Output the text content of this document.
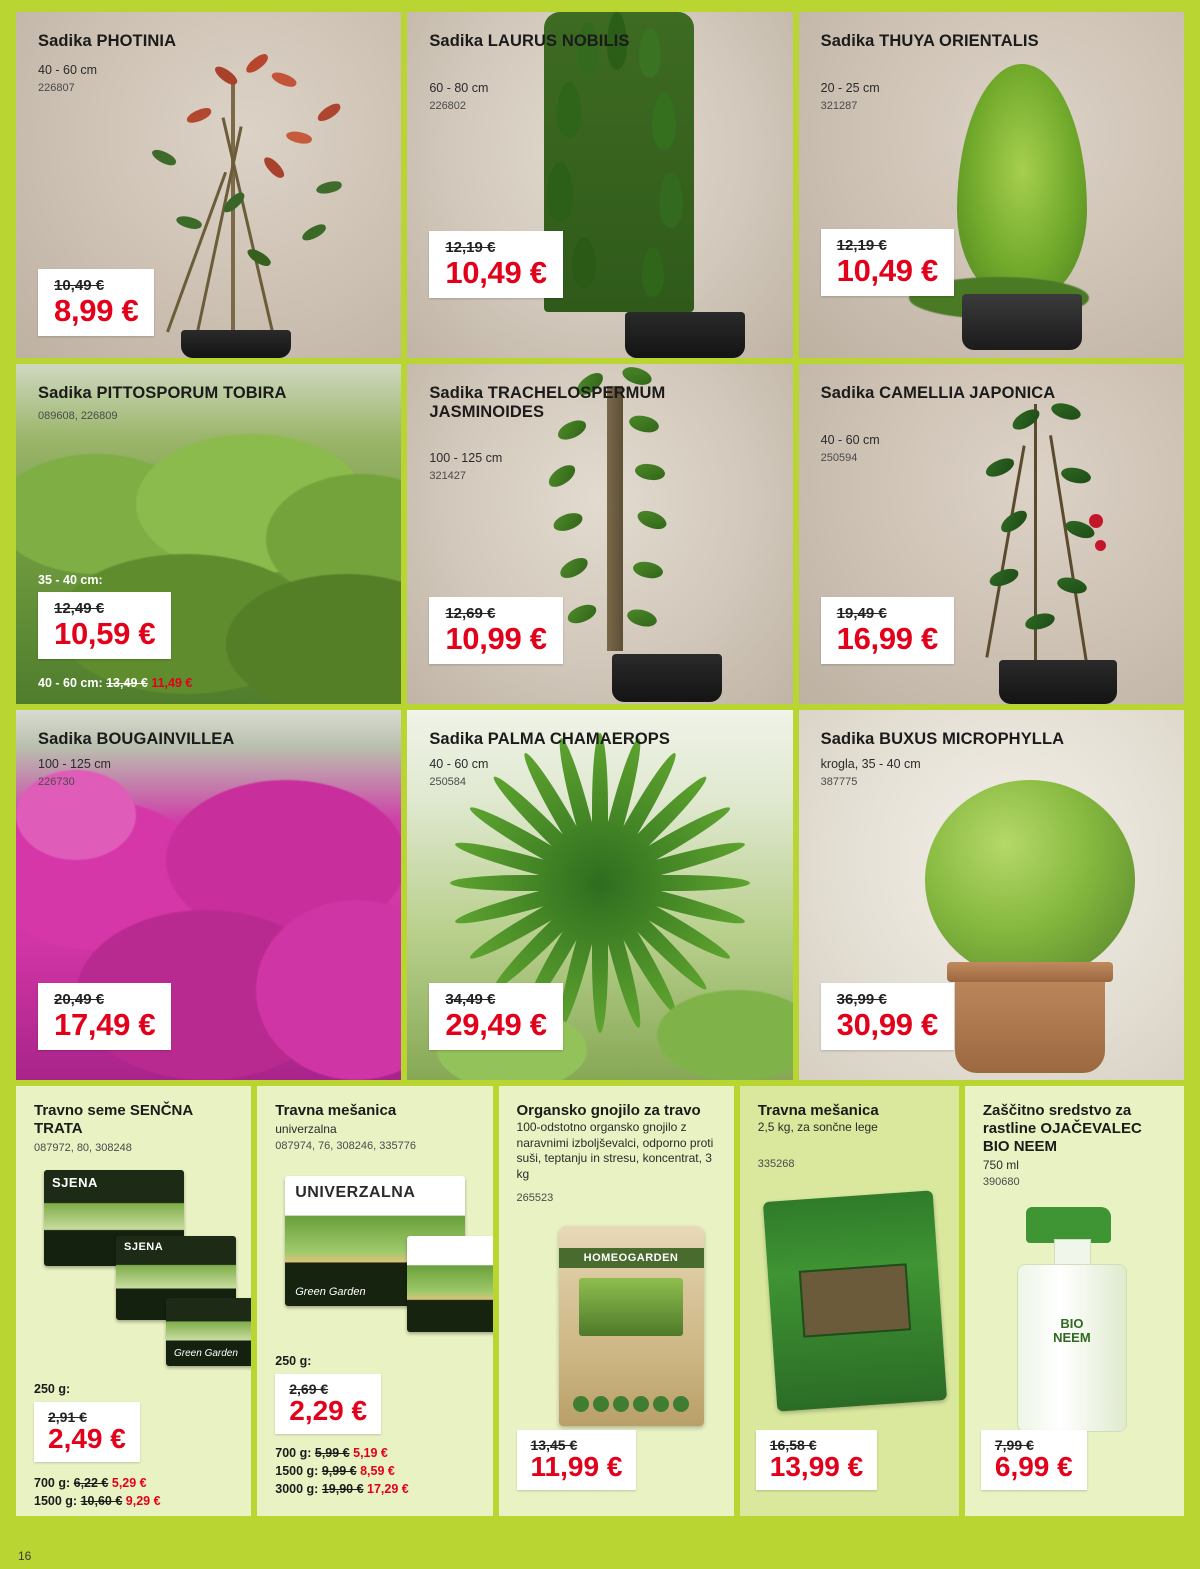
Sadika PHOTINIA
40 - 60 cm
226807
10,49 €
8,99 €
Sadika LAURUS NOBILIS
60 - 80 cm
226802
12,19 €
10,49 €
Sadika THUYA ORIENTALIS
20 - 25 cm
321287
12,19 €
10,49 €
Sadika PITTOSPORUM TOBIRA
089608, 226809
35 - 40 cm:
12,49 €
10,59 €
40 - 60 cm: 13,49 € 11,49 €
Sadika TRACHELOSPERMUM JASMINOIDES
100 - 125 cm
321427
12,69 €
10,99 €
Sadika CAMELLIA JAPONICA
40 - 60 cm
250594
19,49 €
16,99 €
Sadika BOUGAINVILLEA
100 - 125 cm
226730
20,49 €
17,49 €
Sadika PALMA CHAMAEROPS
40 - 60 cm
250584
34,49 €
29,49 €
Sadika BUXUS MICROPHYLLA
krogla, 35 - 40 cm
387775
36,99 €
30,99 €
Travno seme SENČNA TRATA
087972, 80, 308248
SJENA
SJENA
Green Garden
250 g:
2,91 €
2,49 €
700 g: 6,22 € 5,29 €
1500 g: 10,60 € 9,29 €
Travna mešanica
univerzalna
087974, 76, 308246, 335776
UNIVERZALNA
Green Garden
250 g:
2,69 €
2,29 €
700 g: 5,99 € 5,19 €
1500 g: 9,99 € 8,59 €
3000 g: 19,90 € 17,29 €
Organsko gnojilo za travo
100-odstotno organsko gnojilo z naravnimi izboljševalci, odporno proti suši, teptanju in stresu, koncentrat, 3 kg
265523
HOMEOGARDEN
13,45 €
11,99 €
Travna mešanica
2,5 kg, za sončne lege
335268
16,58 €
13,99 €
Zaščitno sredstvo za rastline OJAČEVALEC BIO NEEM
750 ml
390680
BIO
NEEM
7,99 €
6,99 €
16
